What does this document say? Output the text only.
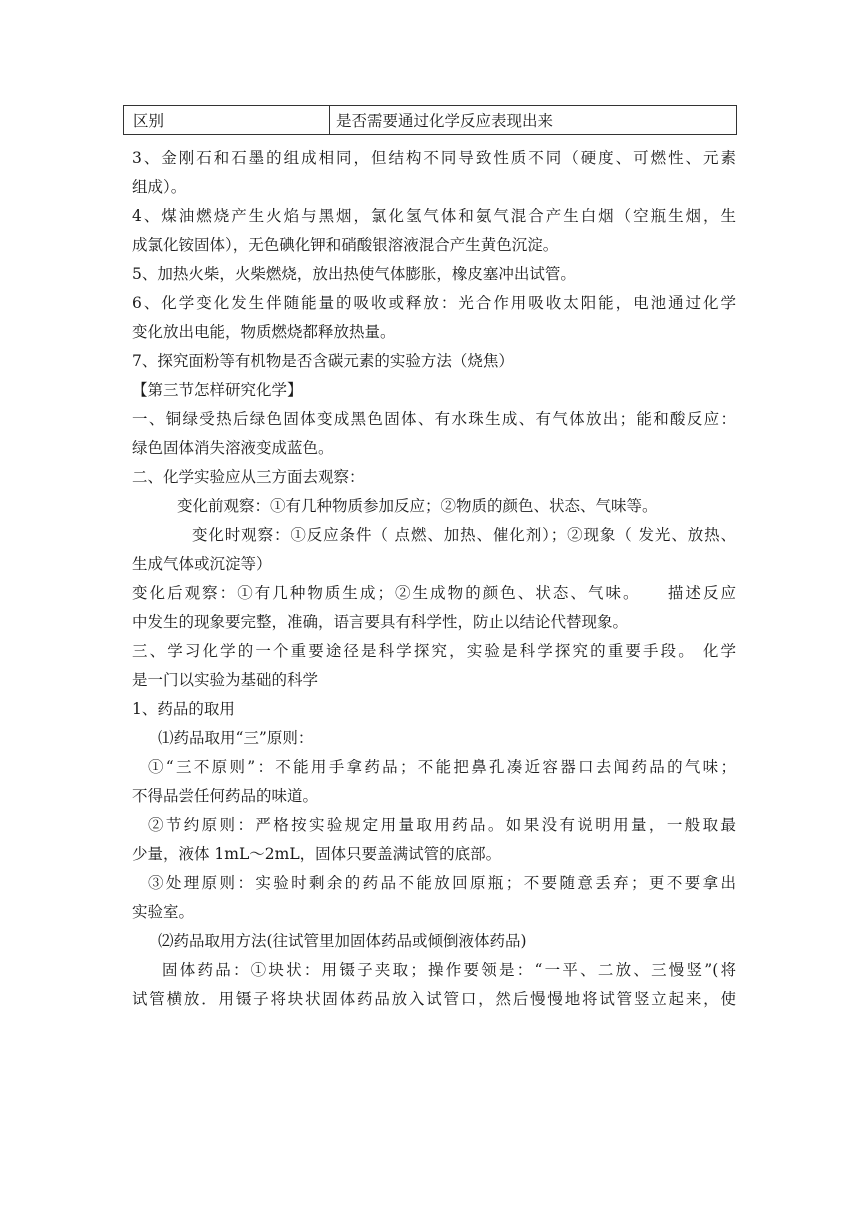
区别	是否需要通过化学反应表现出来
3、金刚石和石墨的组成相同，但结构不同导致性质不同（硬度、可燃性、元素
组成）。
4、煤油燃烧产生火焰与黑烟，氯化氢气体和氨气混合产生白烟（空瓶生烟，生
成氯化铵固体），无色碘化钾和硝酸银溶液混合产生黄色沉淀。
5、加热火柴，火柴燃烧，放出热使气体膨胀，橡皮塞冲出试管。
6、化学变化发生伴随能量的吸收或释放：光合作用吸收太阳能，电池通过化学
变化放出电能，物质燃烧都释放热量。
7、探究面粉等有机物是否含碳元素的实验方法（烧焦）
【第三节怎样研究化学】
一、铜绿受热后绿色固体变成黑色固体、有水珠生成、有气体放出；能和酸反应：
绿色固体消失溶液变成蓝色。
二、化学实验应从三方面去观察：
变化前观察：①有几种物质参加反应；②物质的颜色、状态、气味等。
变化时观察：①反应条件（ 点燃、加热、催化剂）；②现象（ 发光、放热、
生成气体或沉淀等）
变化后观察：①有几种物质生成；②生成物的颜色、状态、气味。　　描述反应
中发生的现象要完整，准确，语言要具有科学性，防止以结论代替现象。
三、学习化学的一个重要途径是科学探究，实验是科学探究的重要手段。 化学
是一门以实验为基础的科学
1、药品的取用
⑴药品取用“三”原则：
①“三不原则”：不能用手拿药品；不能把鼻孔凑近容器口去闻药品的气味；
不得品尝任何药品的味道。
②节约原则：严格按实验规定用量取用药品。如果没有说明用量，一般取最
少量，液体 1mL～2mL，固体只要盖满试管的底部。
③处理原则：实验时剩余的药品不能放回原瓶；不要随意丢弃；更不要拿出
实验室。
⑵药品取用方法(往试管里加固体药品或倾倒液体药品)
固体药品：①块状：用镊子夹取；操作要领是：“一平、二放、三慢竖”(将
试管横放．用镊子将块状固体药品放入试管口，然后慢慢地将试管竖立起来，使
